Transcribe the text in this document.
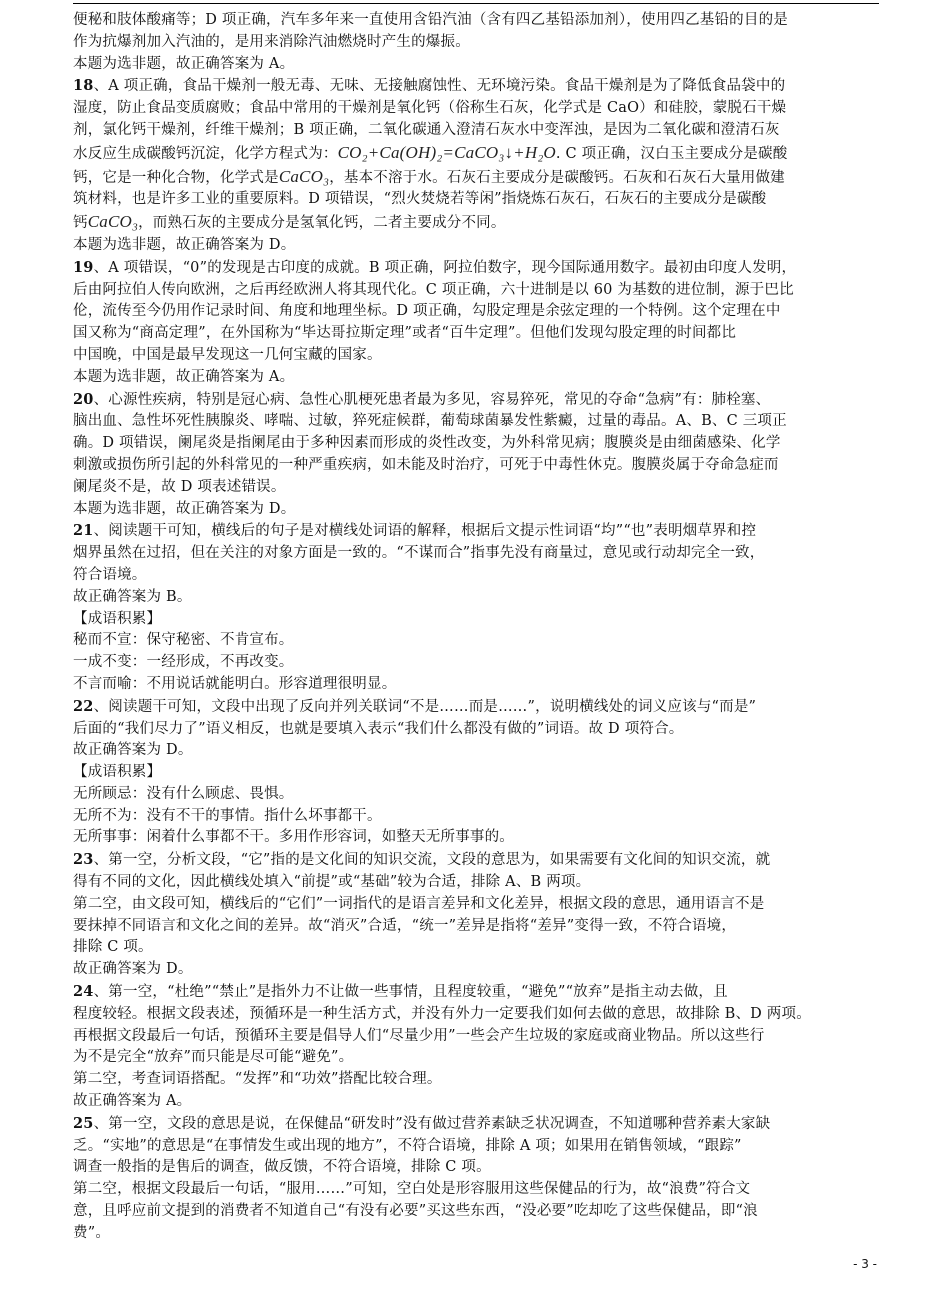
便秘和肢体酸痛等；D 项正确，汽车多年来一直使用含铅汽油（含有四乙基铅添加剂），使用四乙基铅的目的是

作为抗爆剂加入汽油的，是用来消除汽油燃烧时产生的爆振。

本题为选非题，故正确答案为 A。

18、A 项正确，食品干燥剂一般无毒、无味、无接触腐蚀性、无环境污染。食品干燥剂是为了降低食品袋中的

湿度，防止食品变质腐败；食品中常用的干燥剂是氧化钙（俗称生石灰，化学式是 CaO）和硅胶，蒙脱石干燥

剂，氯化钙干燥剂，纤维干燥剂；B 项正确，二氧化碳通入澄清石灰水中变浑浊，是因为二氧化碳和澄清石灰

水反应生成碳酸钙沉淀，化学方程式为：CO₂+Ca(OH)₂=CaCO₃↓+H₂O. C 项正确，汉白玉主要成分是碳酸

钙，它是一种化合物，化学式是CaCO₃，基本不溶于水。石灰石主要成分是碳酸钙。石灰和石灰石大量用做建

筑材料，也是许多工业的重要原料。D 项错误，“烈火焚烧若等闲”指烧炼石灰石，石灰石的主要成分是碳酸

钙CaCO₃，而熟石灰的主要成分是氢氧化钙，二者主要成分不同。

本题为选非题，故正确答案为 D。

19、A 项错误，“0”的发现是古印度的成就。B 项正确，阿拉伯数字，现今国际通用数字。最初由印度人发明，

后由阿拉伯人传向欧洲，之后再经欧洲人将其现代化。C 项正确，六十进制是以 60 为基数的进位制，源于巴比

伦，流传至今仍用作记录时间、角度和地理坐标。D 项正确，勾股定理是余弦定理的一个特例。这个定理在中

国又称为“商高定理”，在外国称为“毕达哥拉斯定理”或者“百牛定理”。但他们发现勾股定理的时间都比

中国晚，中国是最早发现这一几何宝藏的国家。

本题为选非题，故正确答案为 A。

20、心源性疾病，特别是冠心病、急性心肌梗死患者最为多见，容易猝死，常见的夺命“急病”有：肺栓塞、

脑出血、急性坏死性胰腺炎、哮喘、过敏，猝死症候群，葡萄球菌暴发性紫癜，过量的毒品。A、B、C 三项正

确。D 项错误，阑尾炎是指阑尾由于多种因素而形成的炎性改变，为外科常见病；腹膜炎是由细菌感染、化学

刺激或损伤所引起的外科常见的一种严重疾病，如未能及时治疗，可死于中毒性休克。腹膜炎属于夺命急症而

阑尾炎不是，故 D 项表述错误。

本题为选非题，故正确答案为 D。

21、阅读题干可知，横线后的句子是对横线处词语的解释，根据后文提示性词语“均”“也”表明烟草界和控

烟界虽然在过招，但在关注的对象方面是一致的。“不谋而合”指事先没有商量过，意见或行动却完全一致，

符合语境。

故正确答案为 B。

【成语积累】

秘而不宣：保守秘密、不肯宣布。

一成不变：一经形成，不再改变。

不言而喻：不用说话就能明白。形容道理很明显。

22、阅读题干可知，文段中出现了反向并列关联词“不是……而是……”，说明横线处的词义应该与“而是”

后面的“我们尽力了”语义相反，也就是要填入表示“我们什么都没有做的”词语。故 D 项符合。

故正确答案为 D。

【成语积累】

无所顾忌：没有什么顾虑、畏惧。

无所不为：没有不干的事情。指什么坏事都干。

无所事事：闲着什么事都不干。多用作形容词，如整天无所事事的。

23、第一空，分析文段，“它”指的是文化间的知识交流，文段的意思为，如果需要有文化间的知识交流，就

得有不同的文化，因此横线处填入“前提”或“基础”较为合适，排除 A、B 两项。

第二空，由文段可知，横线后的“它们”一词指代的是语言差异和文化差异，根据文段的意思，通用语言不是

要抹掉不同语言和文化之间的差异。故“消灭”合适，“统一”差异是指将“差异”变得一致，不符合语境，

排除 C 项。

故正确答案为 D。

24、第一空，“杜绝”“禁止”是指外力不让做一些事情，且程度较重，“避免”“放弃”是指主动去做，且

程度较轻。根据文段表述，预循环是一种生活方式，并没有外力一定要我们如何去做的意思，故排除 B、D 两项。

再根据文段最后一句话，预循环主要是倡导人们“尽量少用”一些会产生垃圾的家庭或商业物品。所以这些行

为不是完全“放弃”而只能是尽可能“避免”。

第二空，考查词语搭配。“发挥”和“功效”搭配比较合理。

故正确答案为 A。

25、第一空，文段的意思是说，在保健品“研发时”没有做过营养素缺乏状况调查，不知道哪种营养素大家缺

乏。“实地”的意思是“在事情发生或出现的地方”，不符合语境，排除 A 项；如果用在销售领域，“跟踪”

调查一般指的是售后的调查，做反馈，不符合语境，排除 C 项。

第二空，根据文段最后一句话，“服用……”可知，空白处是形容服用这些保健品的行为，故“浪费”符合文

意，且呼应前文提到的消费者不知道自己“有没有必要”买这些东西，“没必要”吃却吃了这些保健品，即“浪

费”。

- 3 -
